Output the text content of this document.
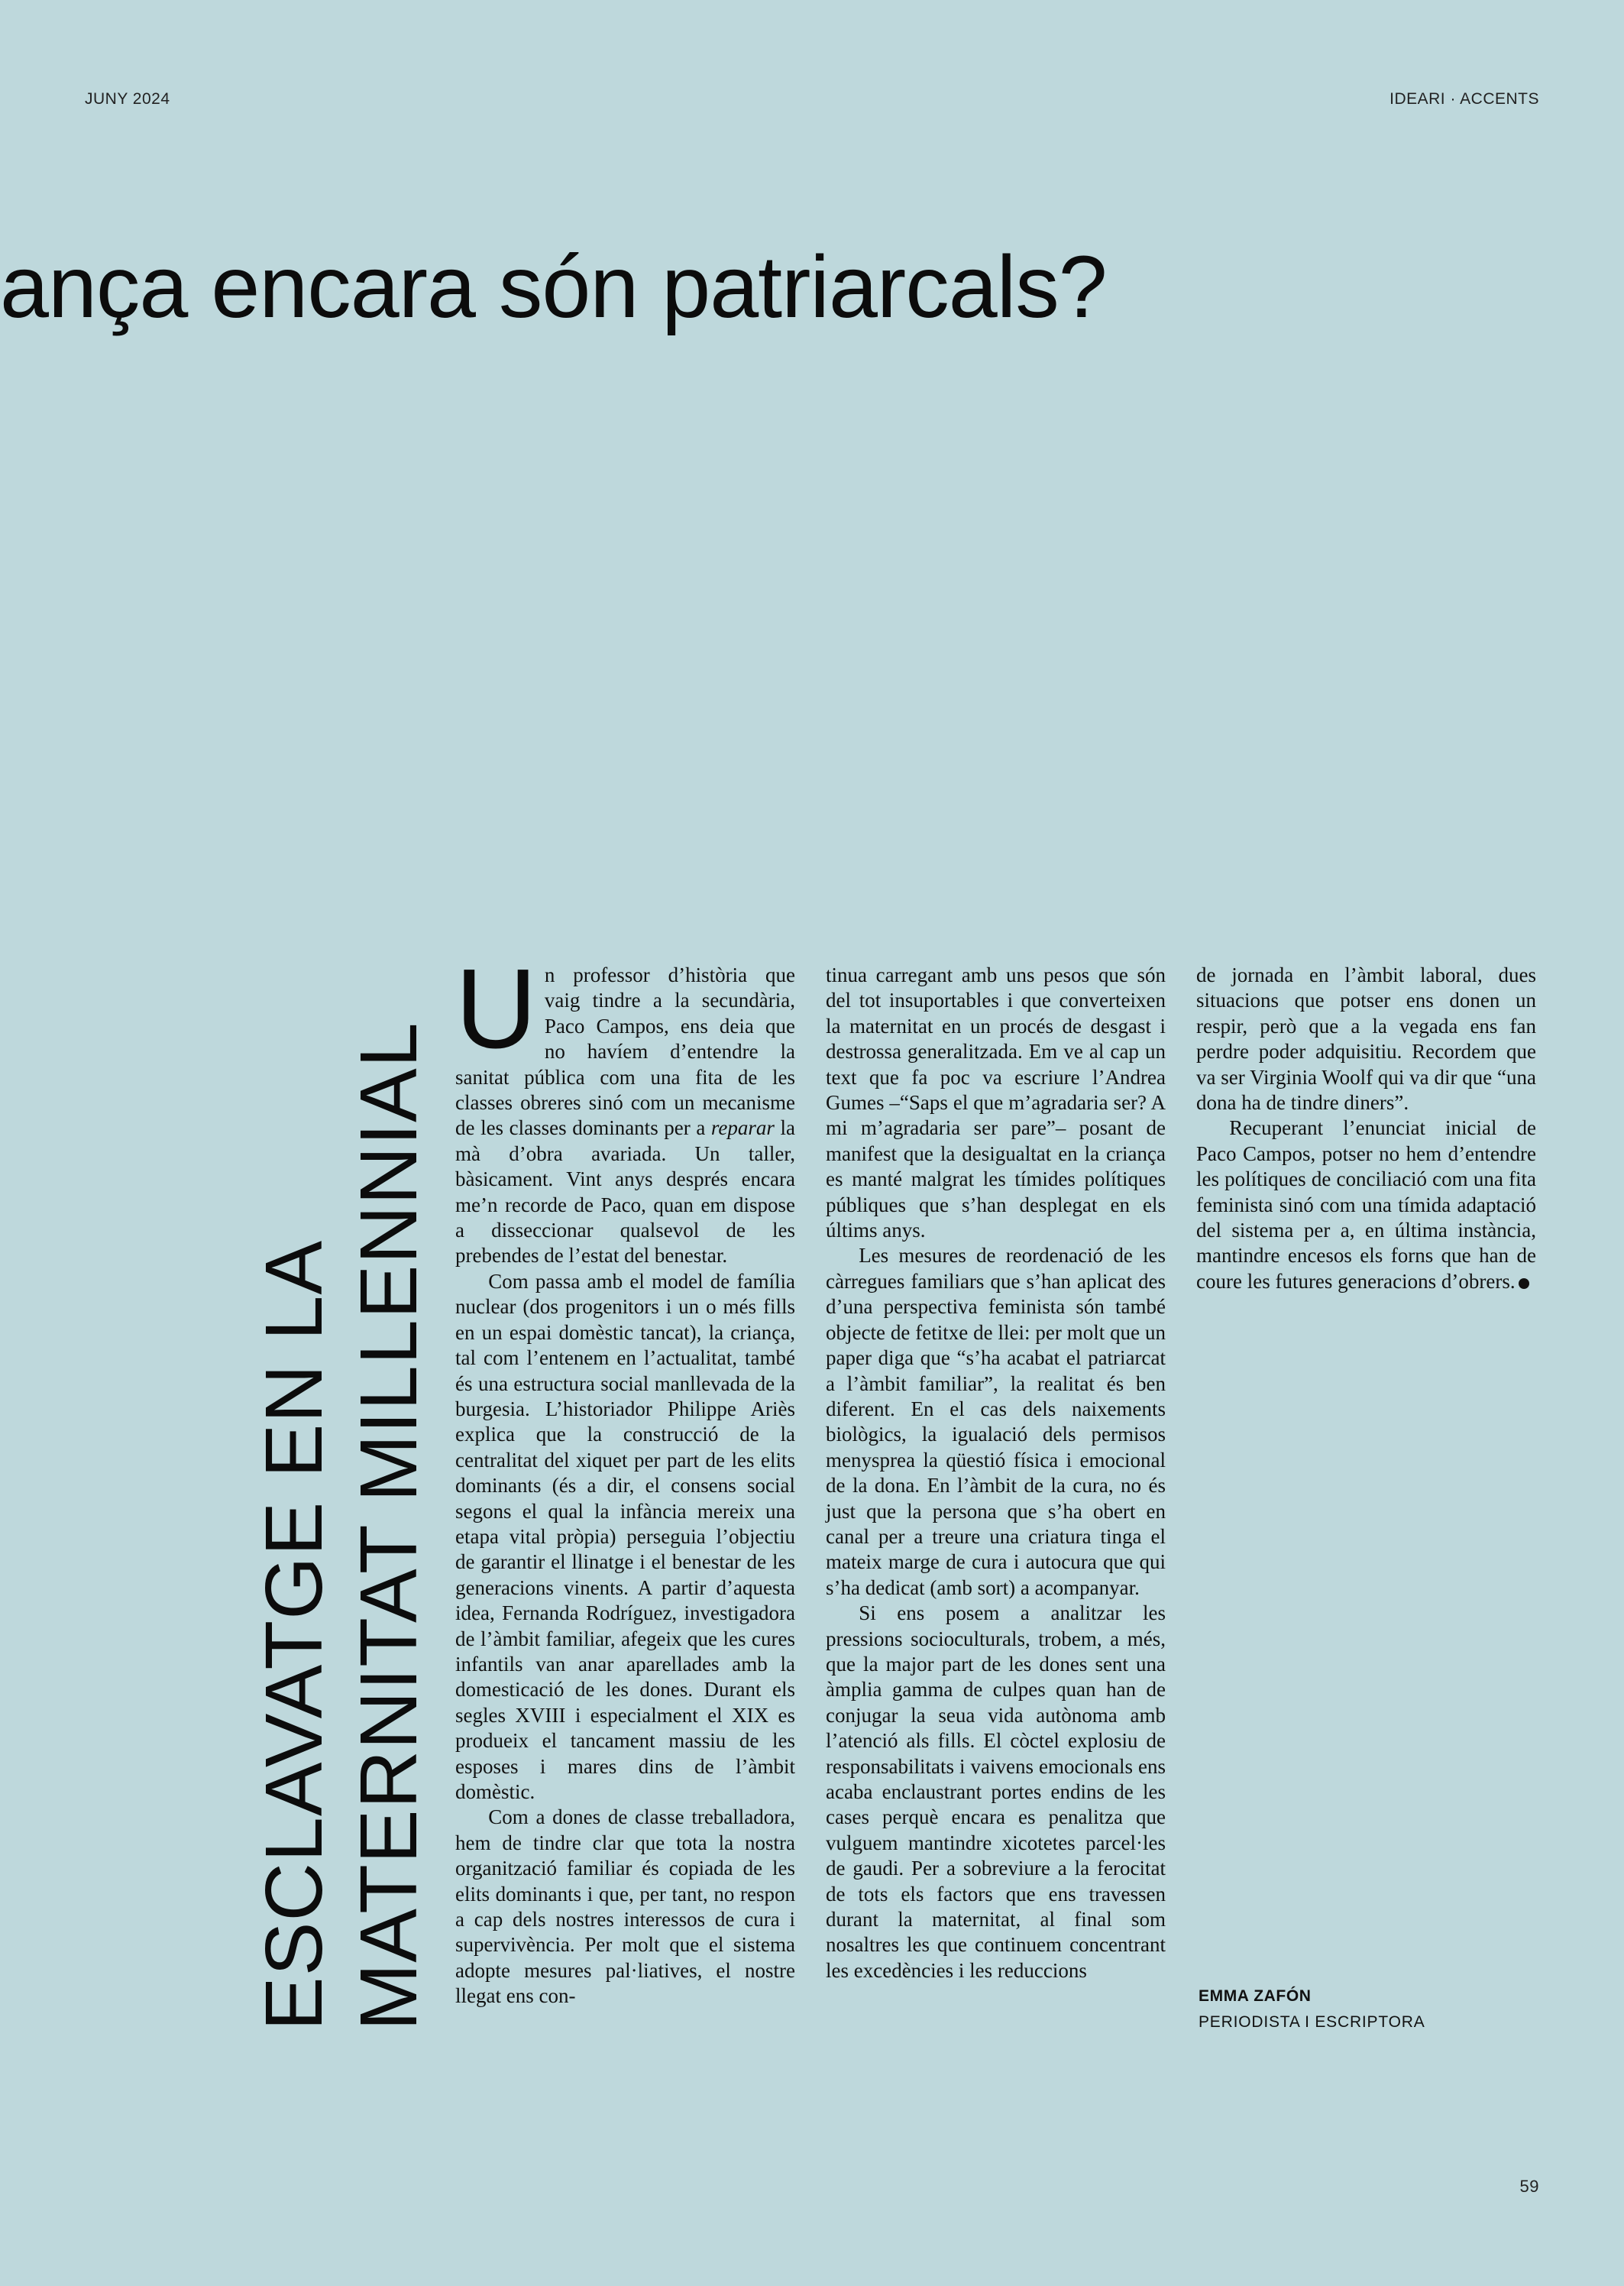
JUNY 2024	IDEARI · ACCENTS
ança encara són patriarcals?
ESCLAVATGE EN LA MATERNITAT MILLENNIAL

Un professor d’història que vaig tindre a la secundària, Paco Campos, ens deia que no havíem d’entendre la sanitat pública com una fita de les classes obreres sinó com un mecanisme de les classes dominants per a reparar la mà d’obra avariada. Un taller, bàsicament. Vint anys després encara me’n recorde de Paco, quan em dispose a disseccionar qualsevol de les prebendes de l’estat del benestar.

Com passa amb el model de família nuclear (dos progenitors i un o més fills en un espai domèstic tancat), la criança, tal com l’entenem en l’actualitat, també és una estructura social manllevada de la burgesia. L’historiador Philippe Ariès explica que la construcció de la centralitat del xiquet per part de les elits dominants (és a dir, el consens social segons el qual la infància mereix una etapa vital pròpia) perseguia l’objectiu de garantir el llinatge i el benestar de les generacions vinents. A partir d’aquesta idea, Fernanda Rodríguez, investigadora de l’àmbit familiar, afegeix que les cures infantils van anar aparellades amb la domesticació de les dones. Durant els segles XVIII i especialment el XIX es produeix el tancament massiu de les esposes i mares dins de l’àmbit domèstic.

Com a dones de classe treballadora, hem de tindre clar que tota la nostra organització familiar és copiada de les elits dominants i que, per tant, no respon a cap dels nostres interessos de cura i supervivència. Per molt que el sistema adopte mesures pal·liatives, el nostre llegat ens con-

tinua carregant amb uns pesos que són del tot insuportables i que converteixen la maternitat en un procés de desgast i destrossa generalitzada. Em ve al cap un text que fa poc va escriure l’Andrea Gumes –“Saps el que m’agradaria ser? A mi m’agradaria ser pare”– posant de manifest que la desigualtat en la criança es manté malgrat les tímides polítiques públiques que s’han desplegat en els últims anys.

Les mesures de reordenació de les càrregues familiars que s’han aplicat des d’una perspectiva feminista són també objecte de fetitxe de llei: per molt que un paper diga que “s’ha acabat el patriarcat a l’àmbit familiar”, la realitat és ben diferent. En el cas dels naixements biològics, la igualació dels permisos menysprea la qüestió física i emocional de la dona. En l’àmbit de la cura, no és just que la persona que s’ha obert en canal per a treure una criatura tinga el mateix marge de cura i autocura que qui s’ha dedicat (amb sort) a acompanyar.

Si ens posem a analitzar les pressions socioculturals, trobem, a més, que la major part de les dones sent una àmplia gamma de culpes quan han de conjugar la seua vida autònoma amb l’atenció als fills. El còctel explosiu de responsabilitats i vaivens emocionals ens acaba enclaustrant portes endins de les cases perquè encara es penalitza que vulguem mantindre xicotetes parcel·les de gaudi. Per a sobreviure a la ferocitat de tots els factors que ens travessen durant la maternitat, al final som nosaltres les que continuem concentrant les excedències i les reduccions

de jornada en l’àmbit laboral, dues situacions que potser ens donen un respir, però que a la vegada ens fan perdre poder adquisitiu. Recordem que va ser Virginia Woolf qui va dir que “una dona ha de tindre diners”.

Recuperant l’enunciat inicial de Paco Campos, potser no hem d’entendre les polítiques de conciliació com una fita feminista sinó com una tímida adaptació del sistema per a, en última instància, mantindre encesos els forns que han de coure les futures generacions d’obrers.

EMMA ZAFÓN
PERIODISTA I ESCRIPTORA
59
